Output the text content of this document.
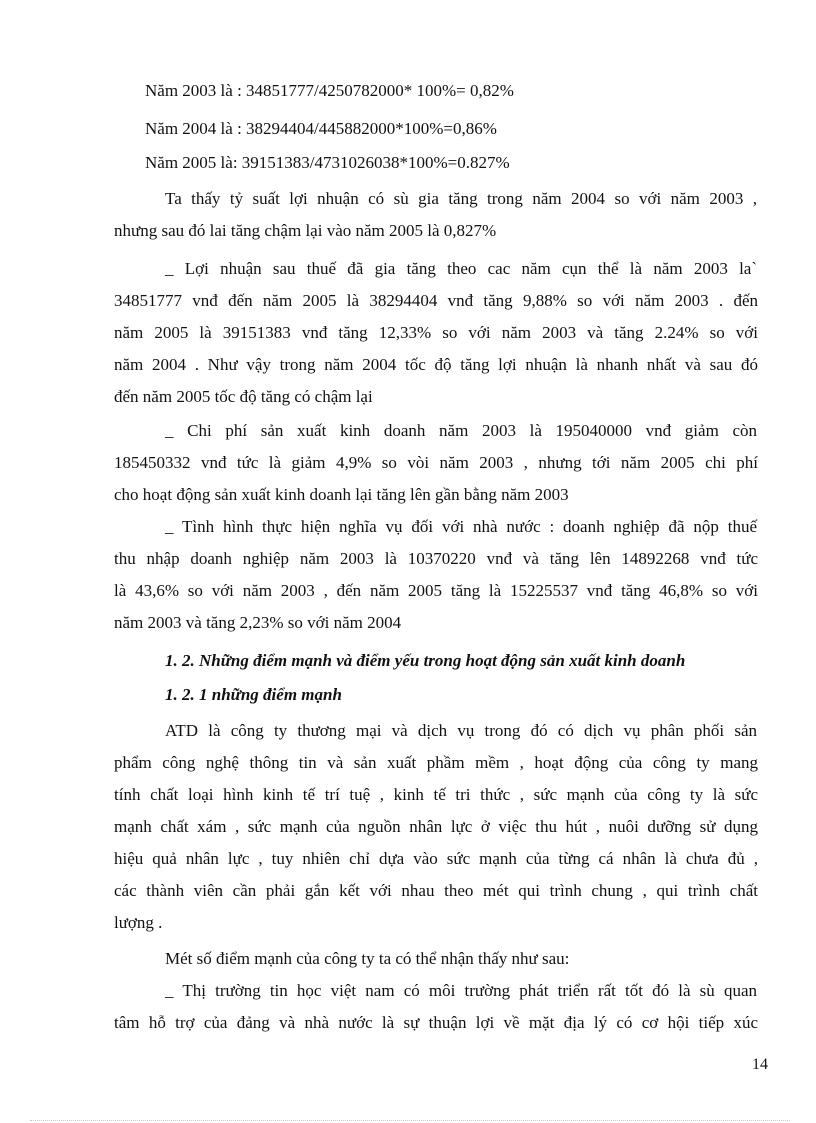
Năm 2003 là : 34851777/4250782000* 100%= 0,82%
Năm 2004 là : 38294404/445882000*100%=0,86%
Năm 2005 là: 39151383/4731026038*100%=0.827%
Ta thấy tỷ suất lợi nhuận có sù gia tăng trong năm 2004 so với năm 2003 ,
nhưng sau đó lai tăng chậm lại vào năm 2005 là 0,827%
_ Lợi nhuận sau thuế đã gia tăng theo cac năm cụn thể là năm 2003 la`
34851777 vnđ đến năm 2005 là 38294404 vnđ tăng 9,88% so với năm 2003 . đến
năm 2005 là 39151383 vnđ tăng 12,33% so với năm 2003 và tăng 2.24% so với
năm 2004 . Như vậy trong năm 2004 tốc độ tăng lợi nhuận là nhanh nhất và sau đó
đến năm 2005 tốc độ tăng có chậm lại
_ Chi phí sản xuất kinh doanh năm 2003 là 195040000 vnđ giảm còn
185450332 vnđ tức là giảm 4,9% so vòi năm 2003 , nhưng tới năm 2005 chi phí
cho hoạt động sản xuất kinh doanh lại tăng lên gần bằng năm 2003
_ Tình hình thực hiện nghĩa vụ đối với nhà nước : doanh nghiệp đã nộp thuế
thu nhập doanh nghiệp năm 2003 là 10370220 vnđ và tăng lên 14892268 vnđ tức
là 43,6% so với năm 2003 , đến năm 2005 tăng là 15225537 vnđ tăng 46,8% so với
năm 2003 và tăng 2,23% so với năm 2004
1. 2. Những điểm mạnh và điểm yếu trong hoạt động sản xuất kinh doanh
1. 2. 1 những điểm mạnh
ATD là công ty thương mại và dịch vụ trong đó có dịch vụ phân phối sản
phẩm công nghệ thông tin và sản xuất phầm mềm , hoạt động của công ty mang
tính chất loại hình kinh tế trí tuệ , kinh tế tri thức , sức mạnh của công ty là sức
mạnh chất xám , sức mạnh của nguồn nhân lực ở việc thu hút , nuôi dưỡng sử dụng
hiệu quả nhân lực , tuy nhiên chỉ dựa vào sức mạnh của từng cá nhân là chưa đủ ,
các thành viên cần phải gắn kết với nhau theo mét qui trình chung , qui trình chất
lượng .
Mét số điểm mạnh của công ty ta có thể nhận thấy như sau:
_ Thị trường tin học việt nam có môi trường phát triển rất tốt đó là sù quan
tâm hỗ trợ của đảng và nhà nước là sự thuận lợi về mặt địa lý có cơ hội tiếp xúc
14
